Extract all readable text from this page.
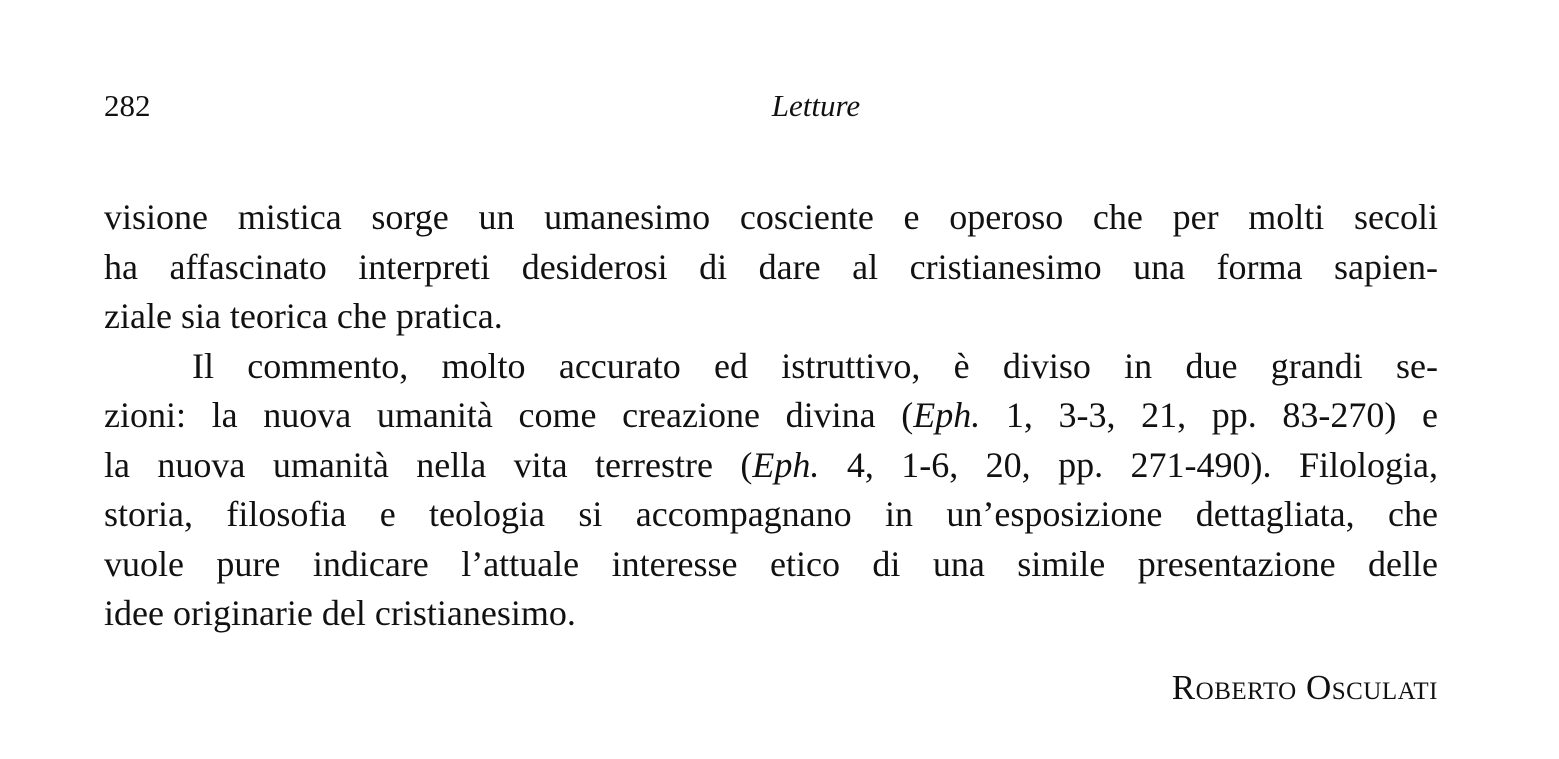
282	Letture
visione mistica sorge un umanesimo cosciente e operoso che per molti secoli
ha affascinato interpreti desiderosi di dare al cristianesimo una forma sapien-
ziale sia teorica che pratica.
Il commento, molto accurato ed istruttivo, è diviso in due grandi se-
zioni: la nuova umanità come creazione divina (Eph. 1, 3-3, 21, pp. 83-270) e
la nuova umanità nella vita terrestre (Eph. 4, 1-6, 20, pp. 271-490). Filologia,
storia, filosofia e teologia si accompagnano in un’esposizione dettagliata, che
vuole pure indicare l’attuale interesse etico di una simile presentazione delle
idee originarie del cristianesimo.
Roberto Osculati
